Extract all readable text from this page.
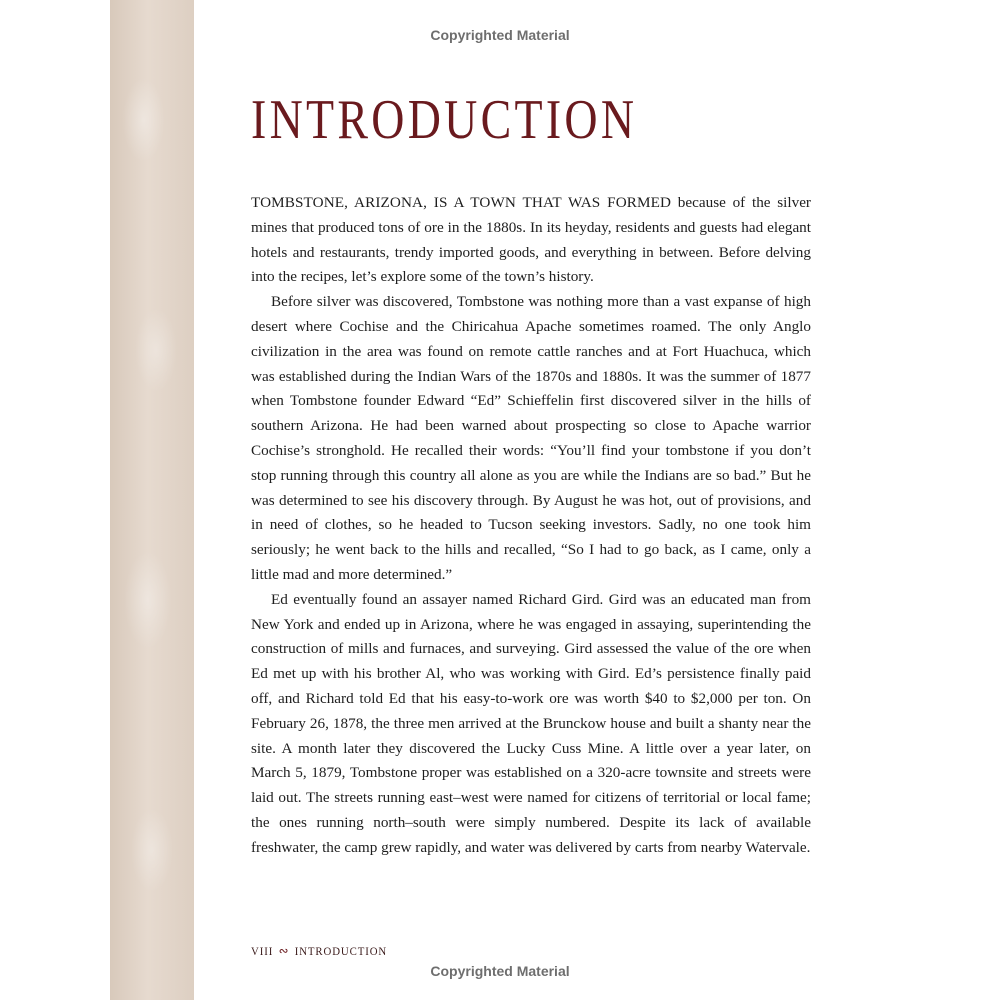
Copyrighted Material
INTRODUCTION

TOMBSTONE, ARIZONA, IS A TOWN THAT WAS FORMED because of the silver mines that produced tons of ore in the 1880s. In its heyday, residents and guests had elegant hotels and restaurants, trendy imported goods, and everything in between. Before delving into the recipes, let’s explore some of the town’s history.

Before silver was discovered, Tombstone was nothing more than a vast expanse of high desert where Cochise and the Chiricahua Apache sometimes roamed. The only Anglo civilization in the area was found on remote cattle ranches and at Fort Huachuca, which was established during the Indian Wars of the 1870s and 1880s. It was the summer of 1877 when Tombstone founder Edward “Ed” Schieffelin first discovered silver in the hills of southern Arizona. He had been warned about prospecting so close to Apache warrior Cochise’s stronghold. He recalled their words: “You’ll find your tombstone if you don’t stop running through this country all alone as you are while the Indians are so bad.” But he was determined to see his discovery through. By August he was hot, out of provisions, and in need of clothes, so he headed to Tucson seeking investors. Sadly, no one took him seriously; he went back to the hills and recalled, “So I had to go back, as I came, only a little mad and more determined.”

Ed eventually found an assayer named Richard Gird. Gird was an educated man from New York and ended up in Arizona, where he was engaged in assaying, superintending the construction of mills and furnaces, and surveying. Gird assessed the value of the ore when Ed met up with his brother Al, who was working with Gird. Ed’s persistence finally paid off, and Richard told Ed that his easy-to-work ore was worth $40 to $2,000 per ton. On February 26, 1878, the three men arrived at the Brunckow house and built a shanty near the site. A month later they discovered the Lucky Cuss Mine. A little over a year later, on March 5, 1879, Tombstone proper was established on a 320-acre townsite and streets were laid out. The streets running east–west were named for citizens of territorial or local fame; the ones running north–south were simply numbered. Despite its lack of available freshwater, the camp grew rapidly, and water was delivered by carts from nearby Watervale.

VIII ∾ INTRODUCTION
Copyrighted Material
